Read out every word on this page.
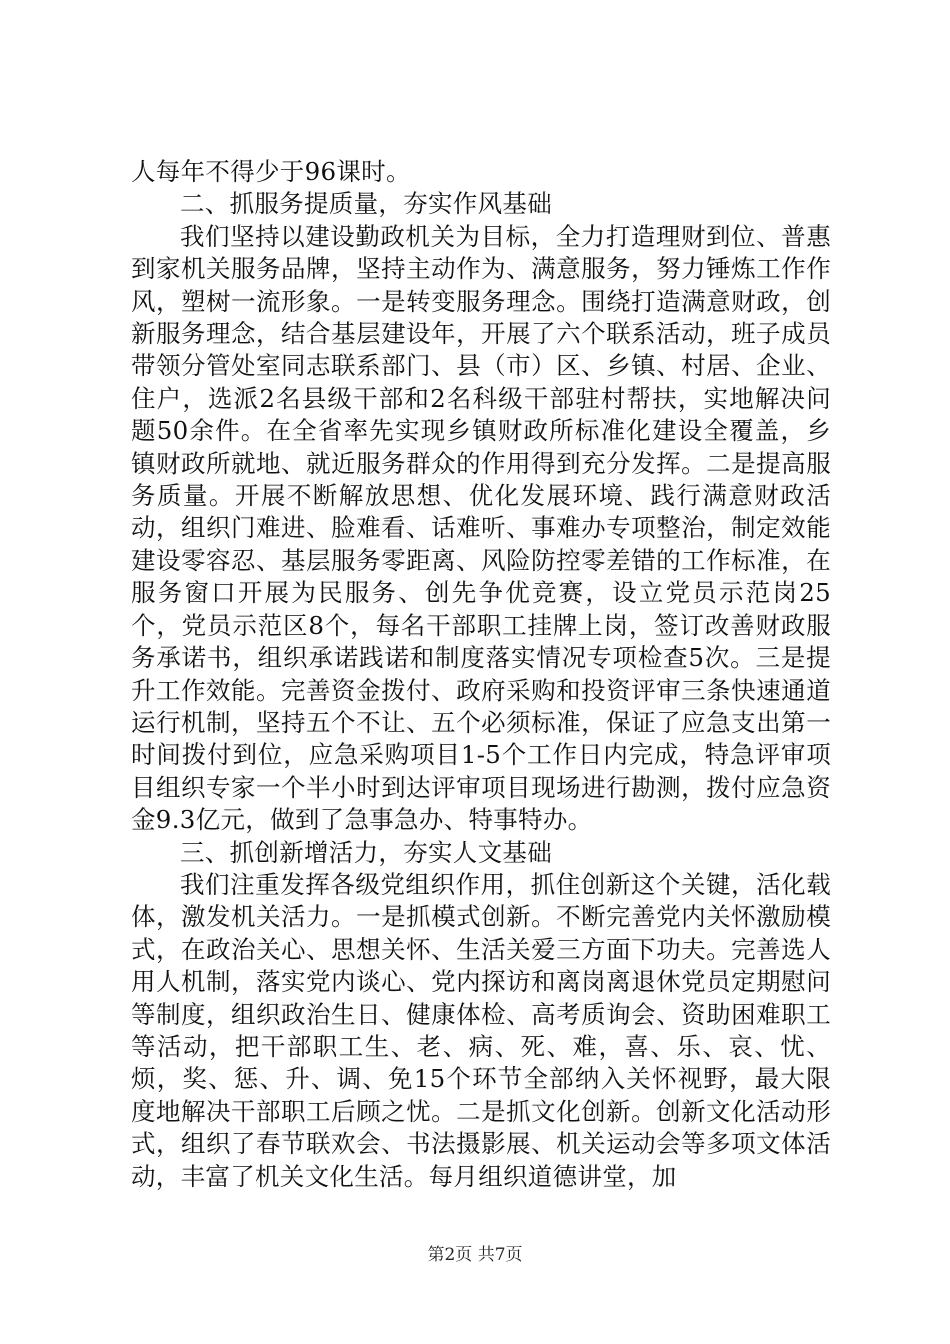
人每年不得少于96课时。

二、抓服务提质量，夯实作风基础

我们坚持以建设勤政机关为目标，全力打造理财到位、普惠到家机关服务品牌，坚持主动作为、满意服务，努力锤炼工作作风，塑树一流形象。一是转变服务理念。围绕打造满意财政，创新服务理念，结合基层建设年，开展了六个联系活动，班子成员带领分管处室同志联系部门、县（市）区、乡镇、村居、企业、住户，选派2名县级干部和2名科级干部驻村帮扶，实地解决问题50余件。在全省率先实现乡镇财政所标准化建设全覆盖，乡镇财政所就地、就近服务群众的作用得到充分发挥。二是提高服务质量。开展不断解放思想、优化发展环境、践行满意财政活动，组织门难进、脸难看、话难听、事难办专项整治，制定效能建设零容忍、基层服务零距离、风险防控零差错的工作标准，在服务窗口开展为民服务、创先争优竞赛，设立党员示范岗25个，党员示范区8个，每名干部职工挂牌上岗，签订改善财政服务承诺书，组织承诺践诺和制度落实情况专项检查5次。三是提升工作效能。完善资金拨付、政府采购和投资评审三条快速通道运行机制，坚持五个不让、五个必须标准，保证了应急支出第一时间拨付到位，应急采购项目1-5个工作日内完成，特急评审项目组织专家一个半小时到达评审项目现场进行勘测，拨付应急资金9.3亿元，做到了急事急办、特事特办。

三、抓创新增活力，夯实人文基础

我们注重发挥各级党组织作用，抓住创新这个关键，活化载体，激发机关活力。一是抓模式创新。不断完善党内关怀激励模式，在政治关心、思想关怀、生活关爱三方面下功夫。完善选人用人机制，落实党内谈心、党内探访和离岗离退休党员定期慰问等制度，组织政治生日、健康体检、高考质询会、资助困难职工等活动，把干部职工生、老、病、死、难，喜、乐、哀、忧、烦，奖、惩、升、调、免15个环节全部纳入关怀视野，最大限度地解决干部职工后顾之忧。二是抓文化创新。创新文化活动形式，组织了春节联欢会、书法摄影展、机关运动会等多项文体活动，丰富了机关文化生活。每月组织道德讲堂，加

第2页 共7页
